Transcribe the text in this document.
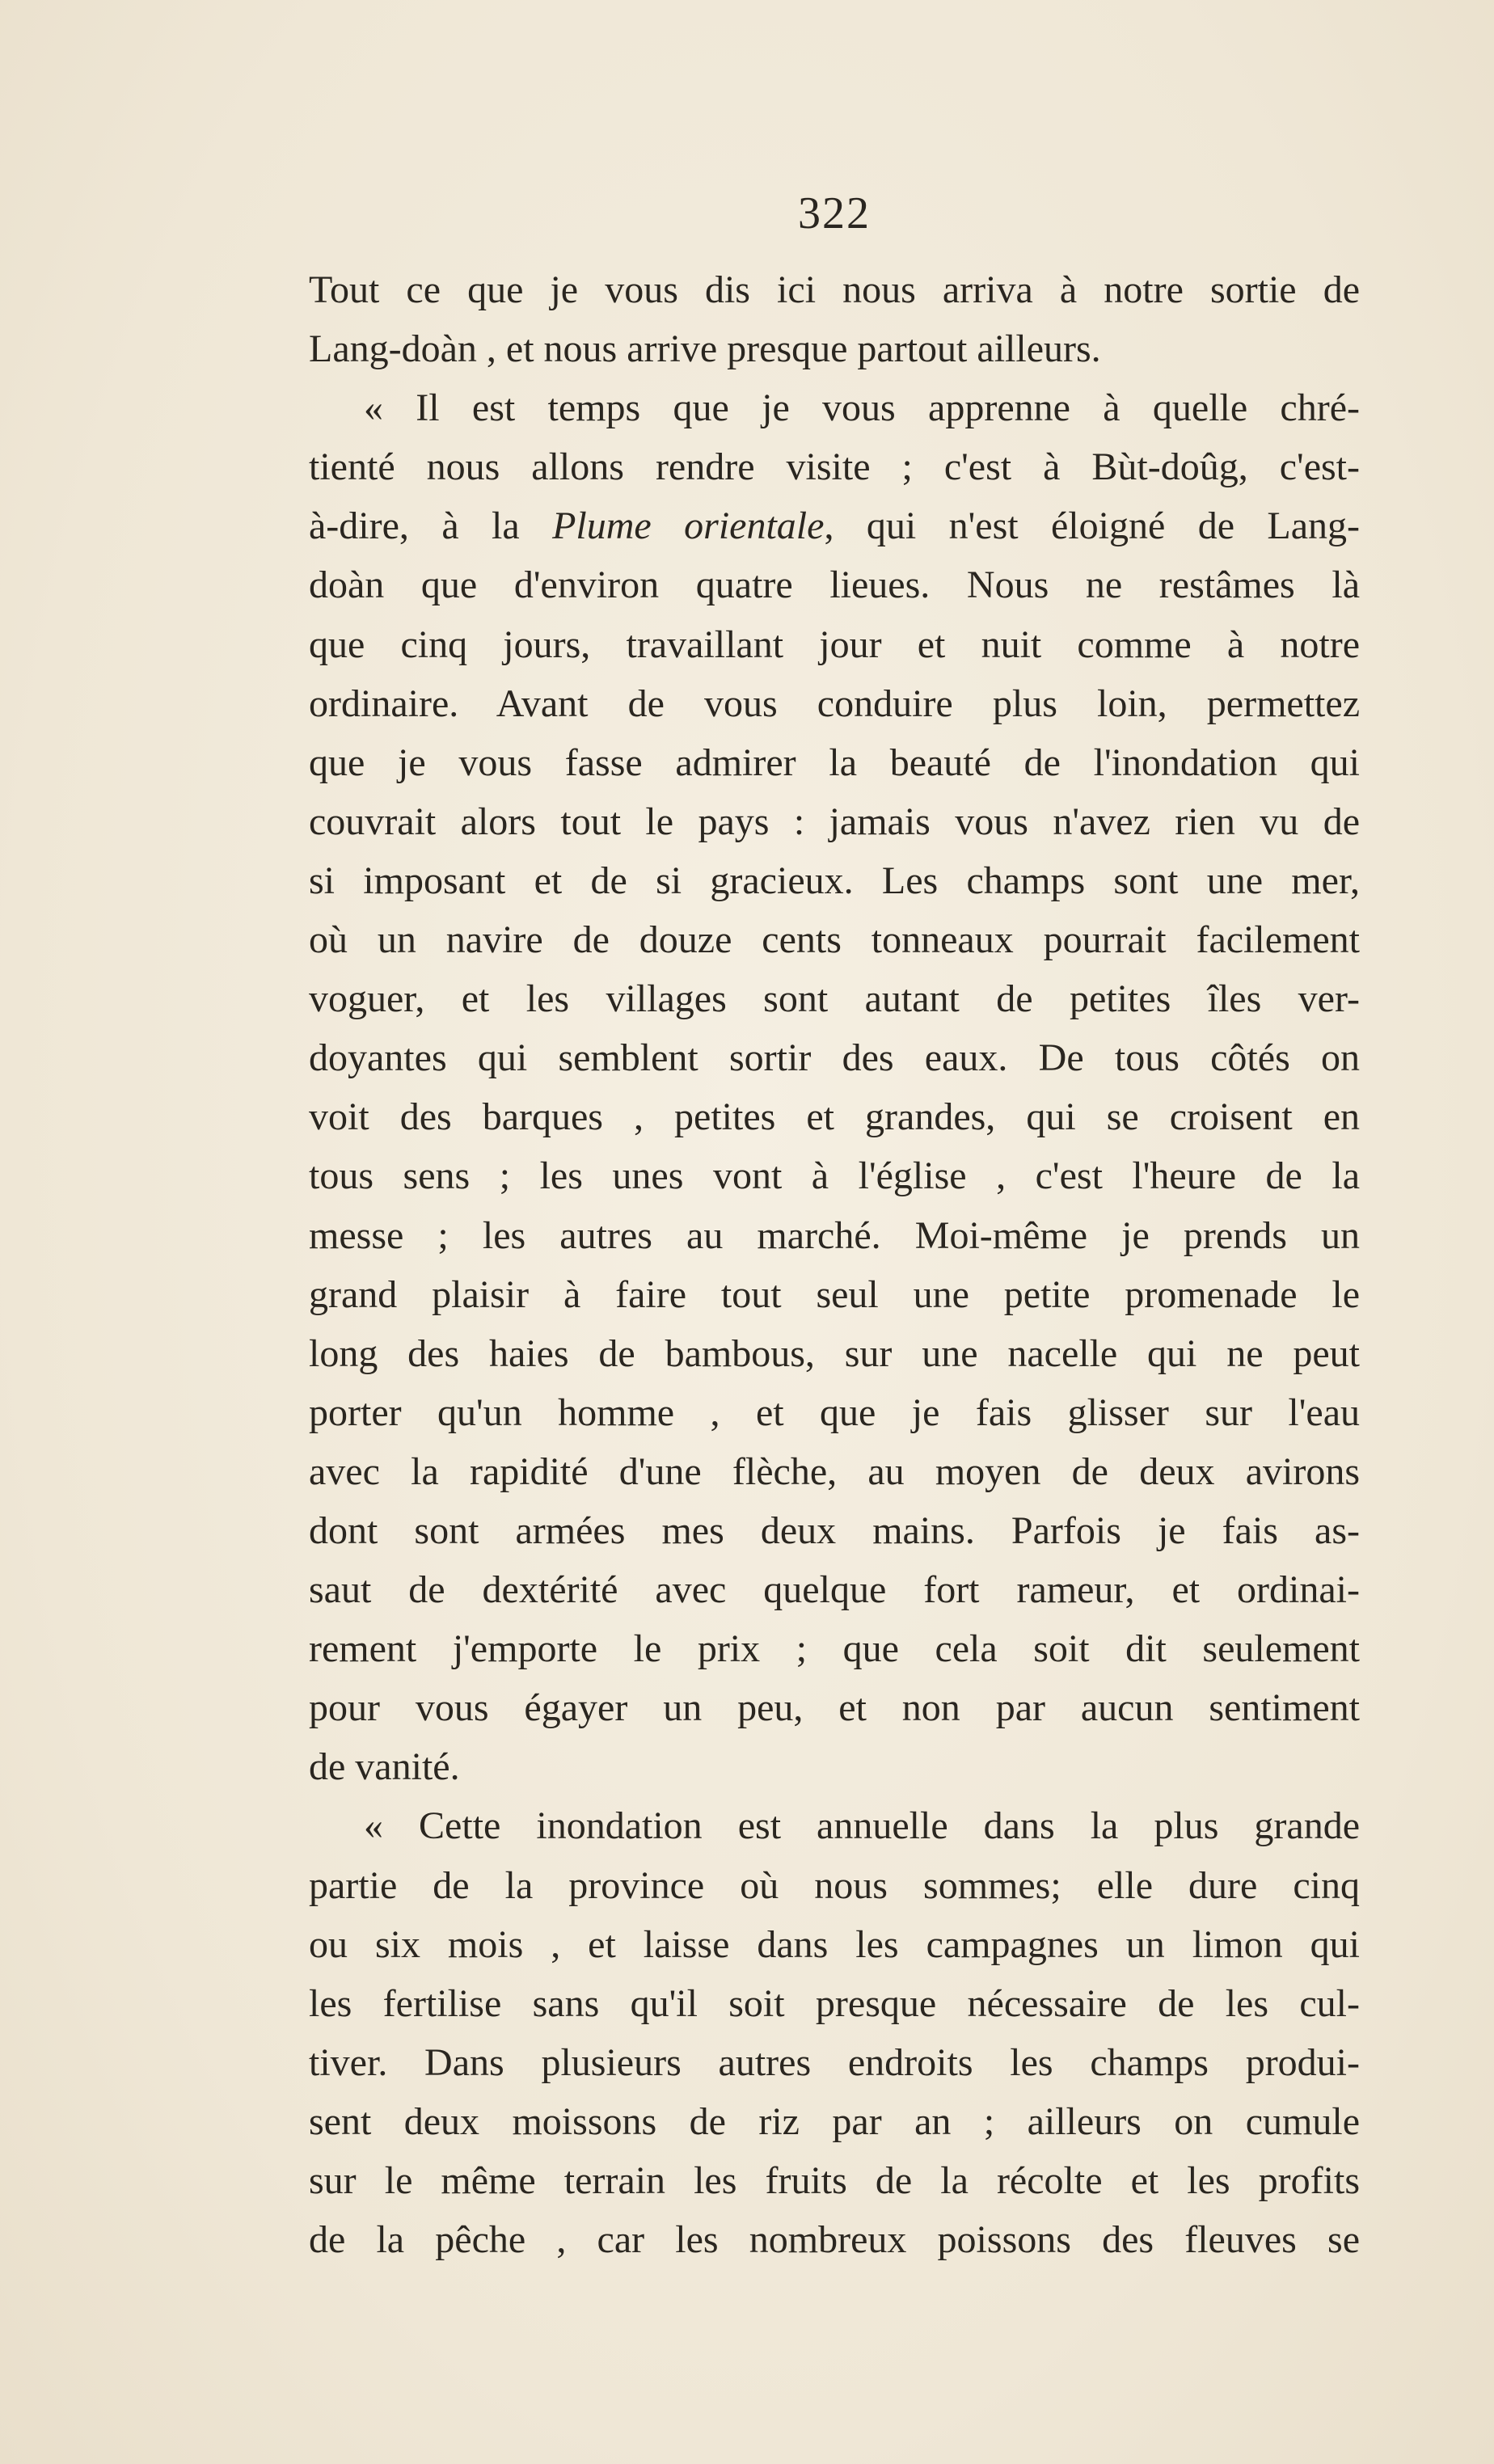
322
Tout ce que je vous dis ici nous arriva à notre sortie de
Lang-doàn , et nous arrive presque partout ailleurs.
« Il est temps que je vous apprenne à quelle chré-
tienté nous allons rendre visite ; c'est à Bùt-doûg, c'est-
à-dire, à la Plume orientale, qui n'est éloigné de Lang-
doàn que d'environ quatre lieues. Nous ne restâmes là
que cinq jours, travaillant jour et nuit comme à notre
ordinaire. Avant de vous conduire plus loin, permettez
que je vous fasse admirer la beauté de l'inondation qui
couvrait alors tout le pays : jamais vous n'avez rien vu de
si imposant et de si gracieux. Les champs sont une mer,
où un navire de douze cents tonneaux pourrait facilement
voguer, et les villages sont autant de petites îles ver-
doyantes qui semblent sortir des eaux. De tous côtés on
voit des barques , petites et grandes, qui se croisent en
tous sens ; les unes vont à l'église , c'est l'heure de la
messe ; les autres au marché. Moi-même je prends un
grand plaisir à faire tout seul une petite promenade le
long des haies de bambous, sur une nacelle qui ne peut
porter qu'un homme , et que je fais glisser sur l'eau
avec la rapidité d'une flèche, au moyen de deux avirons
dont sont armées mes deux mains. Parfois je fais as-
saut de dextérité avec quelque fort rameur, et ordinai-
rement j'emporte le prix ; que cela soit dit seulement
pour vous égayer un peu, et non par aucun sentiment
de vanité.
« Cette inondation est annuelle dans la plus grande
partie de la province où nous sommes; elle dure cinq
ou six mois , et laisse dans les campagnes un limon qui
les fertilise sans qu'il soit presque nécessaire de les cul-
tiver. Dans plusieurs autres endroits les champs produi-
sent deux moissons de riz par an ; ailleurs on cumule
sur le même terrain les fruits de la récolte et les profits
de la pêche , car les nombreux poissons des fleuves se
